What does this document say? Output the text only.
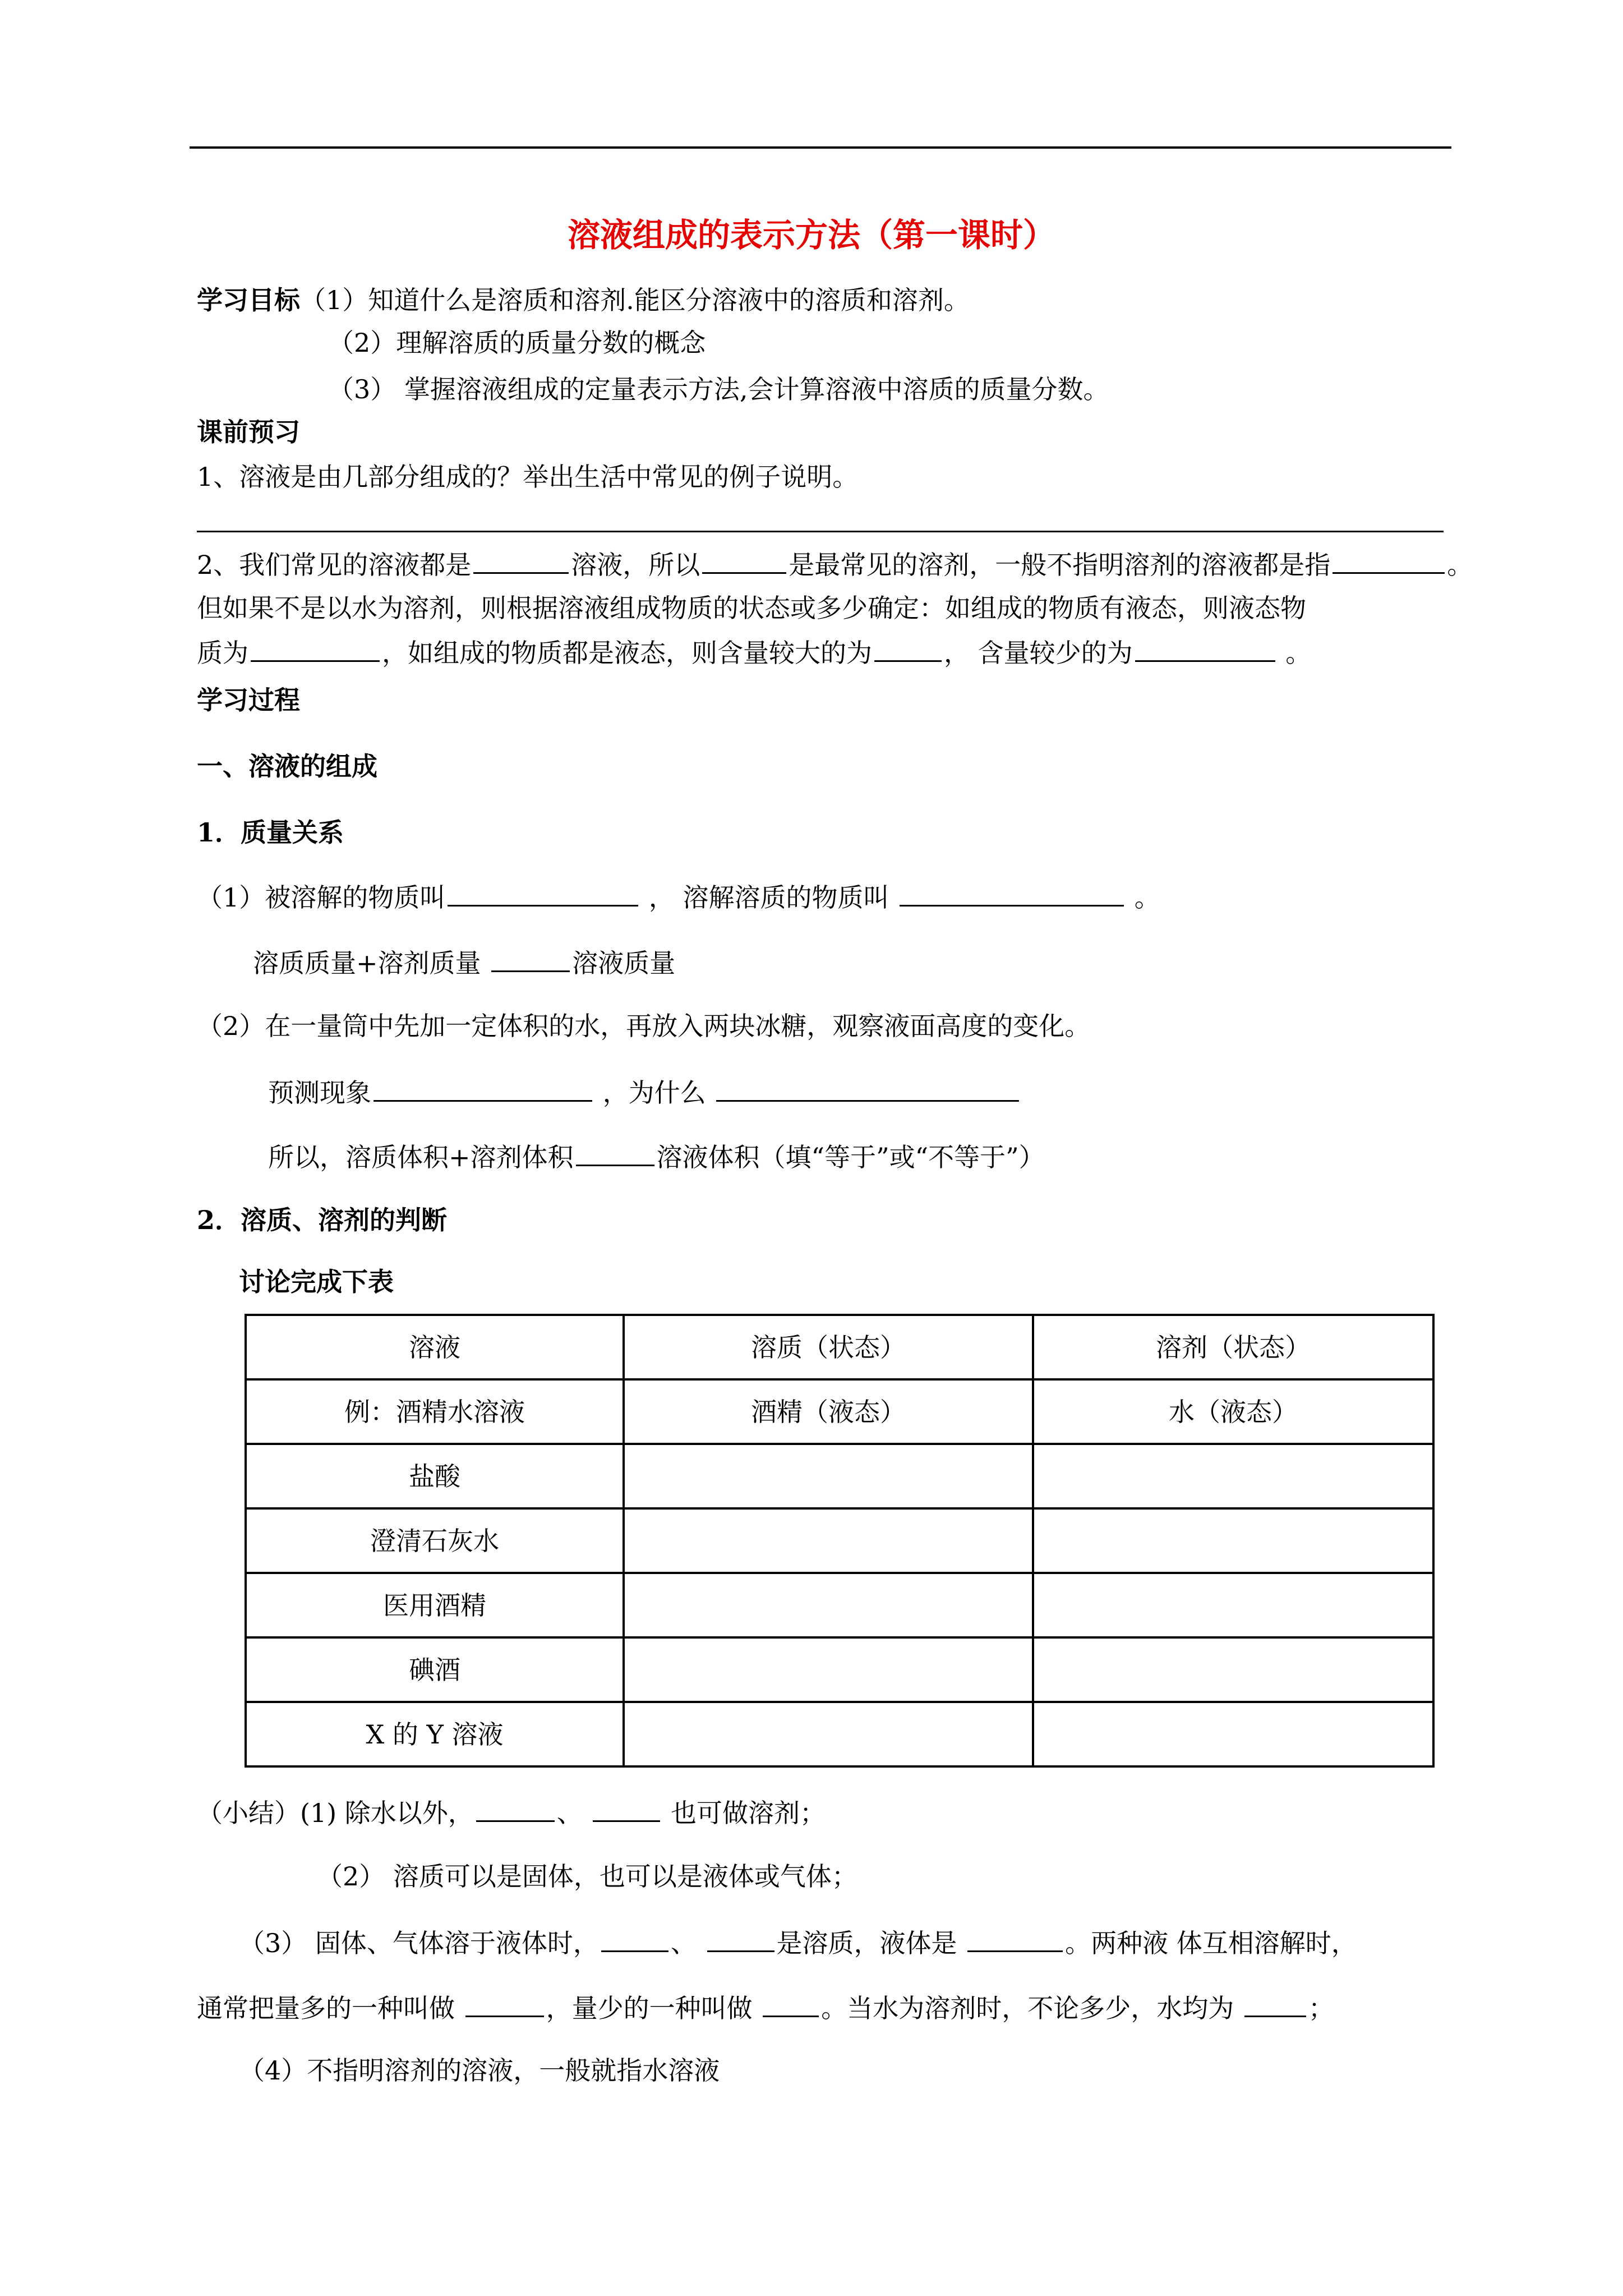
溶液组成的表示方法（第一课时）
学习目标（1）知道什么是溶质和溶剂.能区分溶液中的溶质和溶剂。
（2）理解溶质的质量分数的概念
（3） 掌握溶液组成的定量表示方法,会计算溶液中溶质的质量分数。
课前预习
1、溶液是由几部分组成的？举出生活中常见的例子说明。
2、我们常见的溶液都是	溶液，所以	是最常见的溶剂，一般不指明溶剂的溶液都是指	。
但如果不是以水为溶剂，则根据溶液组成物质的状态或多少确定：如组成的物质有液态，则液态物
质为	，如组成的物质都是液态，则含量较大的为	， 含量较少的为	。
学习过程
一、溶液的组成
1．质量关系
（1）被溶解的物质叫	， 溶解溶质的物质叫	。
溶质质量+溶剂质量	溶液质量
（2）在一量筒中先加一定体积的水，再放入两块冰糖，观察液面高度的变化。
预测现象	，为什么
所以，溶质体积+溶剂体积	溶液体积（填“等于”或“不等于”）
2．溶质、溶剂的判断
讨论完成下表
溶液	溶质（状态）	溶剂（状态）
例：酒精水溶液	酒精（液态）	水（液态）
盐酸		
澄清石灰水		
医用酒精		
碘酒		
X 的 Y 溶液		
（小结）(1) 除水以外，	、	也可做溶剂；
（2） 溶质可以是固体，也可以是液体或气体；
（3） 固体、气体溶于液体时，	、	是溶质，液体是	。两种液 体互相溶解时，
通常把量多的一种叫做	，量少的一种叫做 。当水为溶剂时，不论多少，水均为	；
（4）不指明溶剂的溶液，一般就指水溶液
